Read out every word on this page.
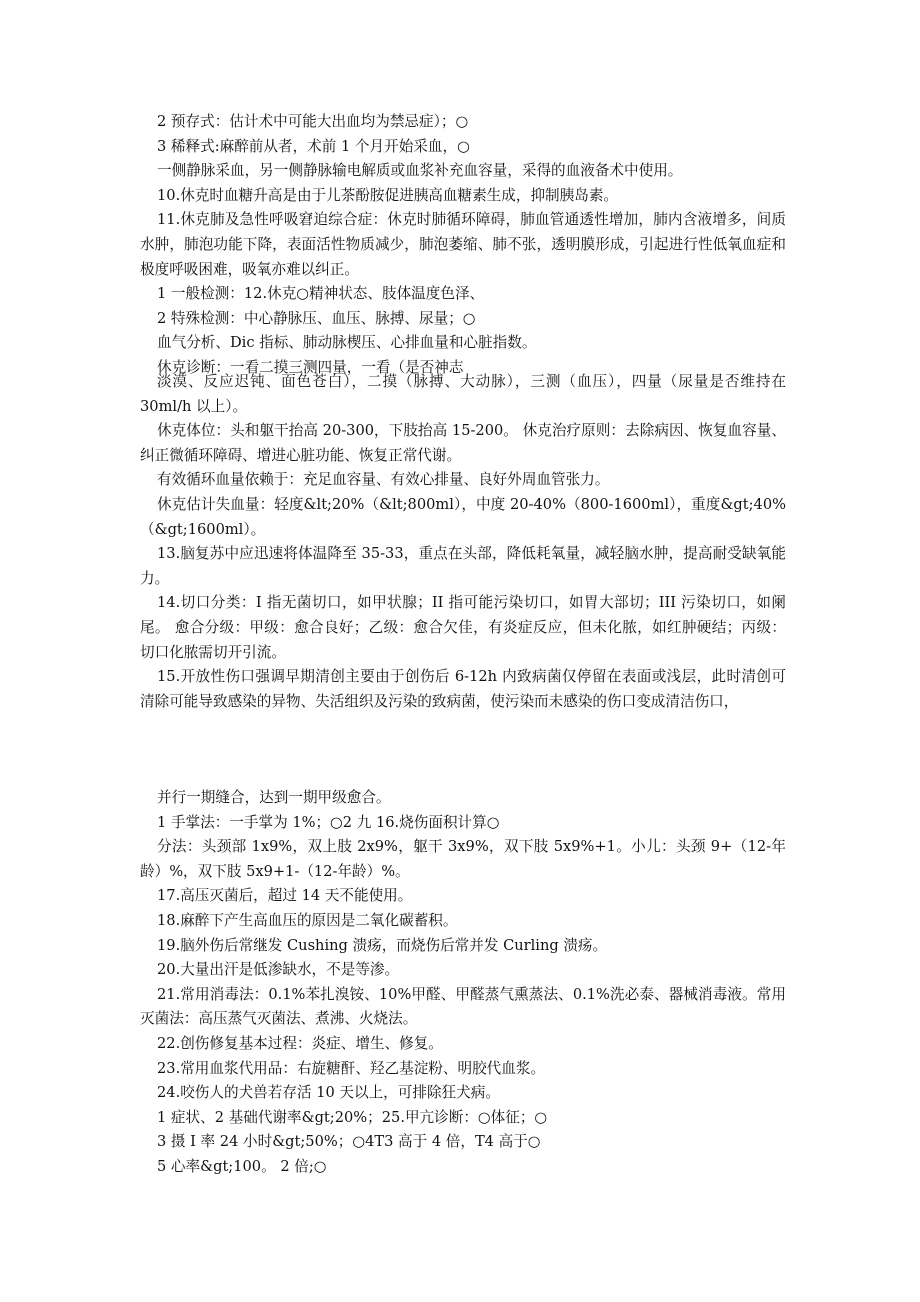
2 预存式：估计术中可能大出血均为禁忌症）；○

3 稀释式:麻醉前从者，术前 1 个月开始采血，○

一侧静脉采血，另一侧静脉输电解质或血浆补充血容量，采得的血液备术中使用。

10.休克时血糖升高是由于儿茶酚胺促进胰高血糖素生成，抑制胰岛素。

11.休克肺及急性呼吸窘迫综合症：休克时肺循环障碍，肺血管通透性增加，肺内含液增多，间质水肿，肺泡功能下降，表面活性物质减少，肺泡萎缩、肺不张，透明膜形成，引起进行性低氧血症和极度呼吸困难，吸氧亦难以纠正。

1 一般检测：12.休克○精神状态、肢体温度色泽、

2 特殊检测：中心静脉压、血压、脉搏、尿量；○

血气分析、Dic 指标、肺动脉楔压、心排血量和心脏指数。

休克诊断：一看二摸三测四量，一看（是否神志

淡漠、反应迟钝、面色苍白），二摸（脉搏、大动脉），三测（血压），四量（尿量是否维持在 30ml/h 以上）。

休克体位：头和躯干抬高 20-300，下肢抬高 15-200。 休克治疗原则：去除病因、恢复血容量、纠正微循环障碍、增进心脏功能、恢复正常代谢。

有效循环血量依赖于：充足血容量、有效心排量、良好外周血管张力。

休克估计失血量：轻度&lt;20%（&lt;800ml），中度 20-40%（800-1600ml），重度&gt;40%（&gt;1600ml）。

13.脑复苏中应迅速将体温降至 35-33，重点在头部，降低耗氧量，减轻脑水肿，提高耐受缺氧能力。

14.切口分类：I 指无菌切口，如甲状腺；II 指可能污染切口，如胃大部切；III 污染切口，如阑尾。 愈合分级：甲级：愈合良好；乙级：愈合欠佳，有炎症反应，但未化脓，如红肿硬结；丙级：切口化脓需切开引流。

15.开放性伤口强调早期清创主要由于创伤后 6-12h 内致病菌仅停留在表面或浅层，此时清创可清除可能导致感染的异物、失活组织及污染的致病菌，使污染而未感染的伤口变成清洁伤口，

并行一期缝合，达到一期甲级愈合。

1 手掌法：一手掌为 1%；○2 九 16.烧伤面积计算○

分法：头颈部 1x9%，双上肢 2x9%，躯干 3x9%，双下肢 5x9%+1。小儿：头颈 9+（12-年龄）%，双下肢 5x9+1-（12-年龄）%。

17.高压灭菌后，超过 14 天不能使用。

18.麻醉下产生高血压的原因是二氧化碳蓄积。

19.脑外伤后常继发 Cushing 溃疡，而烧伤后常并发 Curling 溃疡。

20.大量出汗是低渗缺水，不是等渗。

21.常用消毒法：0.1%苯扎溴铵、10%甲醛、甲醛蒸气熏蒸法、0.1%洗必泰、器械消毒液。常用灭菌法：高压蒸气灭菌法、煮沸、火烧法。

22.创伤修复基本过程：炎症、增生、修复。

23.常用血浆代用品：右旋糖酐、羟乙基淀粉、明胶代血浆。

24.咬伤人的犬兽若存活 10 天以上，可排除狂犬病。

1 症状、2 基础代谢率&gt;20%；25.甲亢诊断：○体征；○

3 摄 I 率 24 小时&gt;50%；○4T3 高于 4 倍，T4 高于○

5 心率&gt;100。 2 倍;○
